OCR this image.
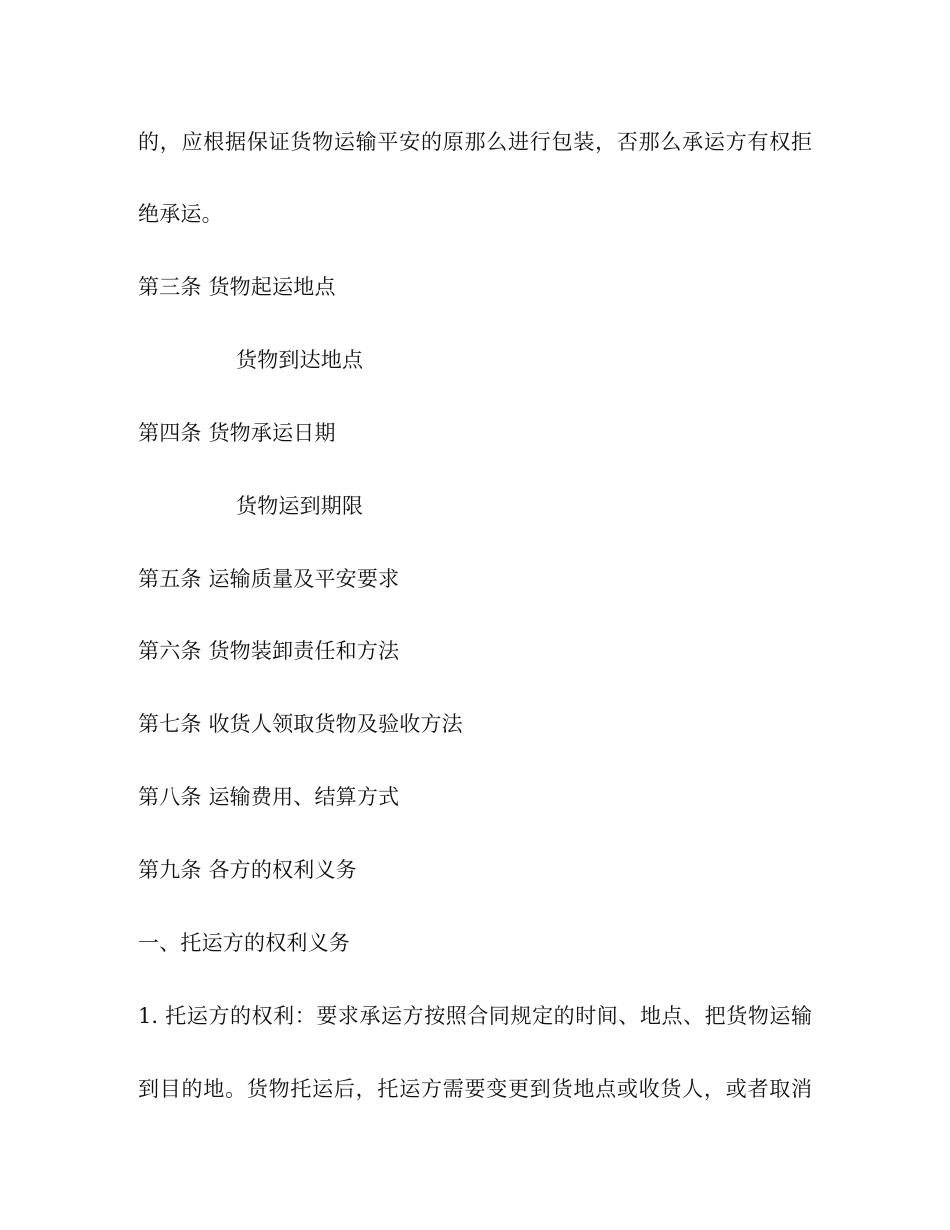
的，应根据保证货物运输平安的原那么进行包装，否那么承运方有权拒
绝承运。
第三条 货物起运地点
货物到达地点
第四条 货物承运日期
货物运到期限
第五条 运输质量及平安要求
第六条 货物装卸责任和方法
第七条 收货人领取货物及验收方法
第八条 运输费用、结算方式
第九条 各方的权利义务
一、托运方的权利义务
1. 托运方的权利：要求承运方按照合同规定的时间、地点、把货物运输
到目的地。货物托运后，托运方需要变更到货地点或收货人，或者取消
